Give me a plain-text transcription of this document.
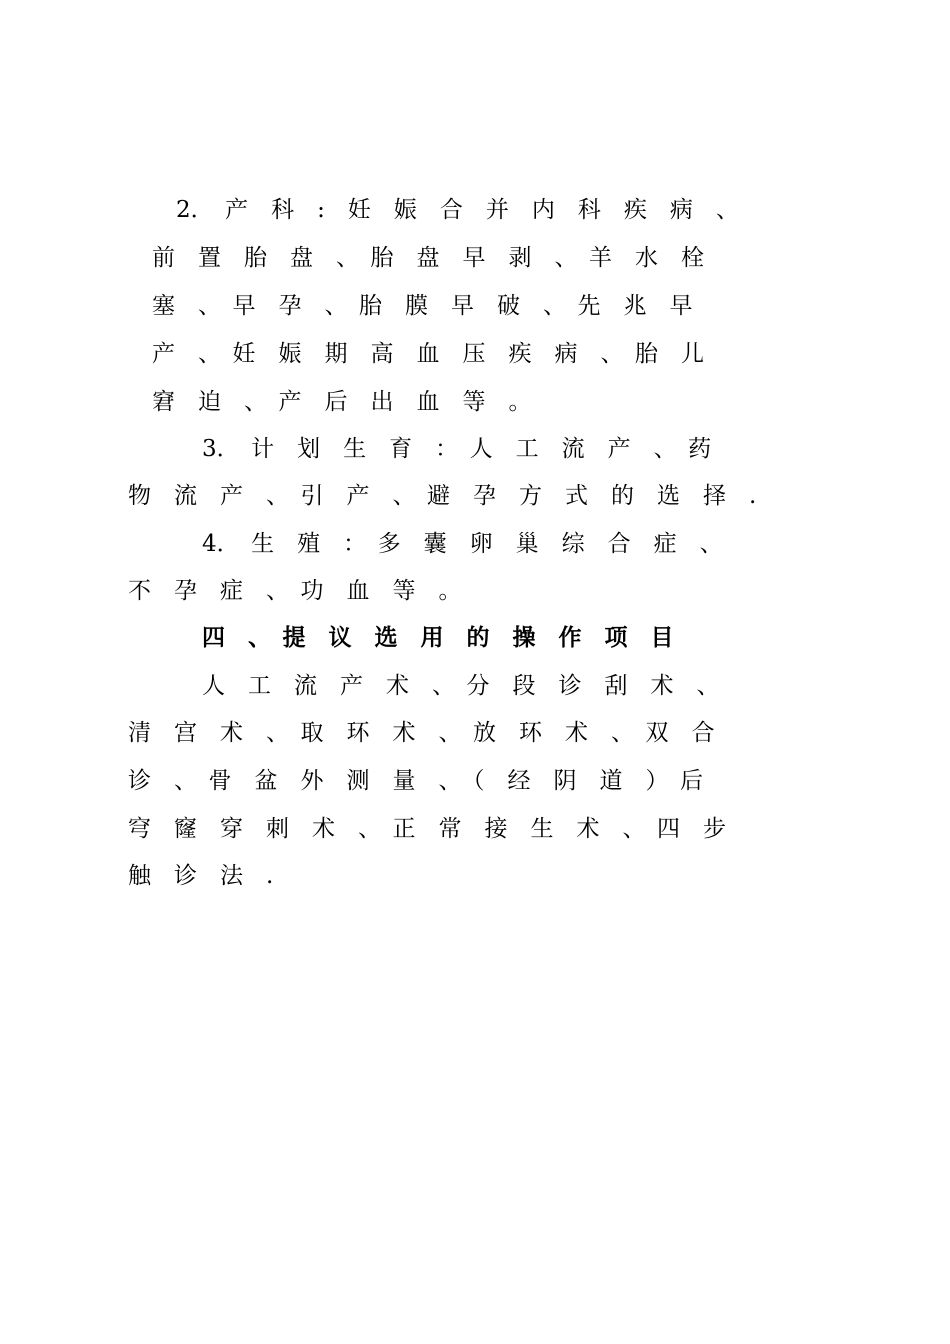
2．　产　科　:　妊　娠　合　并　内　科　疾　病　、
前　置　胎　盘　、　胎　盘　早　剥　、　羊　水　栓
塞　、　早　孕　、　胎　膜　早　破　、　先　兆　早
产　、　妊　娠　期　高　血　压　疾　病　、　胎　儿
窘　迫　、　产　后　出　血　等　。
3．　计　划　生　育　：　人　工　流　产　、　药
物　流　产　、　引　产　、　避　孕　方　式　的　选　择　.
4．　生　殖　：　多　囊　卵　巢　综　合　症　、
不　孕　症　、　功　血　等　。
四　、　提　议　选　用　的　操　作　项　目
人　工　流　产　术　、　分　段　诊　刮　术　、
清　宫　术　、　取　环　术　、　放　环　术　、　双　合
诊　、　骨　盆　外　测　量　、　（　经　阴　道　）　后
穹　窿　穿　刺　术　、　正　常　接　生　术　、　四　步
触　诊　法　.
